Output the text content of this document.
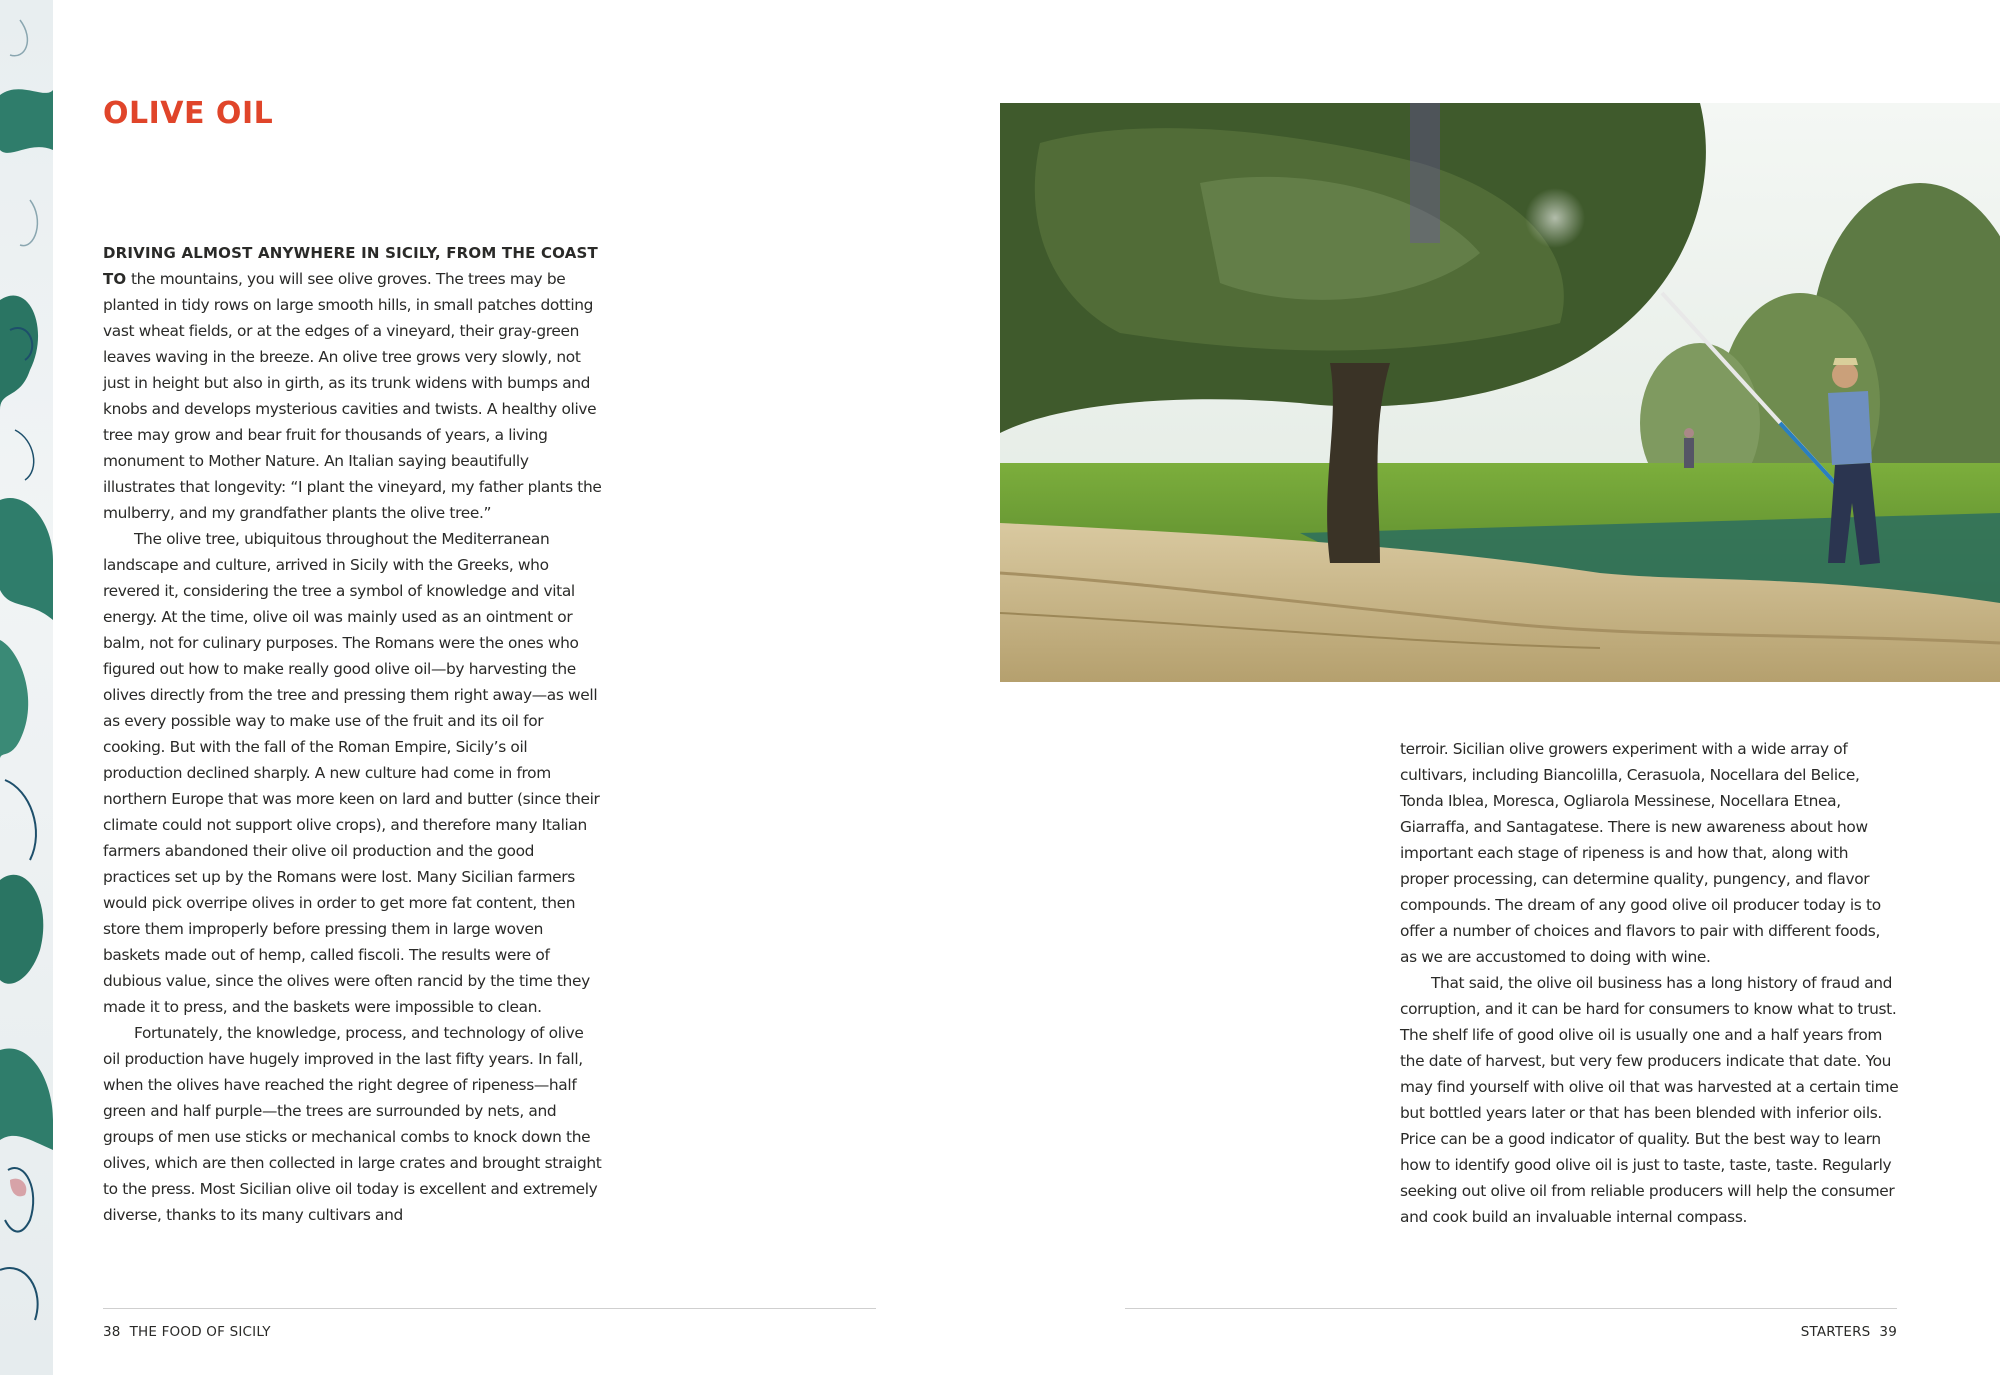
OLIVE OIL

DRIVING ALMOST ANYWHERE IN SICILY, FROM THE COAST TO the mountains, you will see olive groves. The trees may be planted in tidy rows on large smooth hills, in small patches dotting vast wheat fields, or at the edges of a vineyard, their gray-green leaves waving in the breeze. An olive tree grows very slowly, not just in height but also in girth, as its trunk widens with bumps and knobs and develops mysterious cavities and twists. A healthy olive tree may grow and bear fruit for thousands of years, a living monument to Mother Nature. An Italian saying beautifully illustrates that longevity: “I plant the vineyard, my father plants the mulberry, and my grandfather plants the olive tree.”

The olive tree, ubiquitous throughout the Mediterranean landscape and culture, arrived in Sicily with the Greeks, who revered it, considering the tree a symbol of knowledge and vital energy. At the time, olive oil was mainly used as an ointment or balm, not for culinary purposes. The Romans were the ones who figured out how to make really good olive oil—by harvesting the olives directly from the tree and pressing them right away—as well as every possible way to make use of the fruit and its oil for cooking. But with the fall of the Roman Empire, Sicily’s oil production declined sharply. A new culture had come in from northern Europe that was more keen on lard and butter (since their climate could not support olive crops), and therefore many Italian farmers abandoned their olive oil production and the good practices set up by the Romans were lost. Many Sicilian farmers would pick overripe olives in order to get more fat content, then store them improperly before pressing them in large woven baskets made out of hemp, called fiscoli. The results were of dubious value, since the olives were often rancid by the time they made it to press, and the baskets were impossible to clean.

Fortunately, the knowledge, process, and technology of olive oil production have hugely improved in the last fifty years. In fall, when the olives have reached the right degree of ripeness—half green and half purple—the trees are surrounded by nets, and groups of men use sticks or mechanical combs to knock down the olives, which are then collected in large crates and brought straight to the press. Most Sicilian olive oil today is excellent and extremely diverse, thanks to its many cultivars and

terroir. Sicilian olive growers experiment with a wide array of cultivars, including Biancolilla, Cerasuola, Nocellara del Belice, Tonda Iblea, Moresca, Ogliarola Messinese, Nocellara Etnea, Giarraffa, and Santagatese. There is new awareness about how important each stage of ripeness is and how that, along with proper processing, can determine quality, pungency, and flavor compounds. The dream of any good olive oil producer today is to offer a number of choices and flavors to pair with different foods, as we are accustomed to doing with wine.

That said, the olive oil business has a long history of fraud and corruption, and it can be hard for consumers to know what to trust. The shelf life of good olive oil is usually one and a half years from the date of harvest, but very few producers indicate that date. You may find yourself with olive oil that was harvested at a certain time but bottled years later or that has been blended with inferior oils. Price can be a good indicator of quality. But the best way to learn how to identify good olive oil is just to taste, taste, taste. Regularly seeking out olive oil from reliable producers will help the consumer and cook build an invaluable internal compass.

38 THE FOOD OF SICILY	STARTERS 39
